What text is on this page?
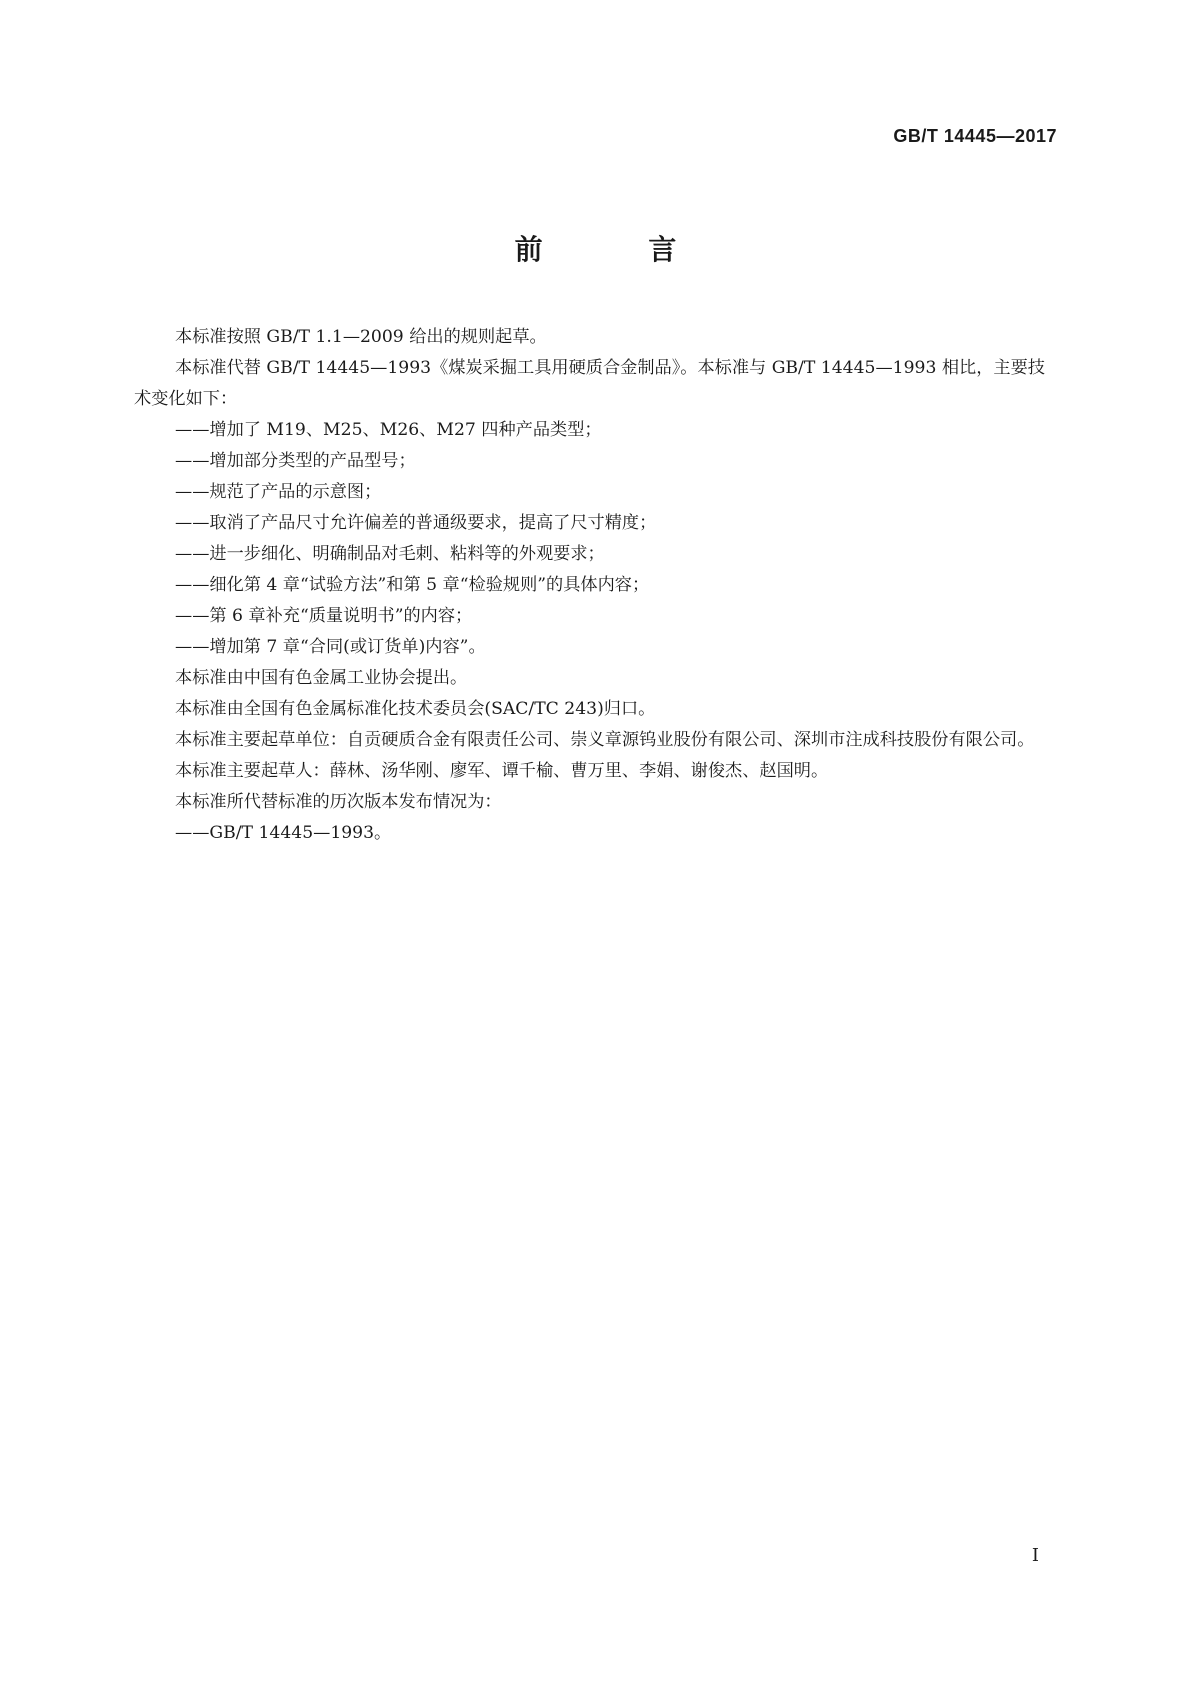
GB/T 14445—2017
前 言

本标准按照 GB/T 1.1—2009 给出的规则起草。

本标准代替 GB/T 14445—1993《煤炭采掘工具用硬质合金制品》。本标准与 GB/T 14445—1993 相比，主要技术变化如下：

——增加了 M19、M25、M26、M27 四种产品类型；

——增加部分类型的产品型号；

——规范了产品的示意图；

——取消了产品尺寸允许偏差的普通级要求，提高了尺寸精度；

——进一步细化、明确制品对毛刺、粘料等的外观要求；

——细化第 4 章“试验方法”和第 5 章“检验规则”的具体内容；

——第 6 章补充“质量说明书”的内容；

——增加第 7 章“合同(或订货单)内容”。

本标准由中国有色金属工业协会提出。

本标准由全国有色金属标准化技术委员会(SAC/TC 243)归口。

本标准主要起草单位：自贡硬质合金有限责任公司、崇义章源钨业股份有限公司、深圳市注成科技股份有限公司。

本标准主要起草人：薛林、汤华刚、廖军、谭千榆、曹万里、李娟、谢俊杰、赵国明。

本标准所代替标准的历次版本发布情况为：

——GB/T 14445—1993。

I
